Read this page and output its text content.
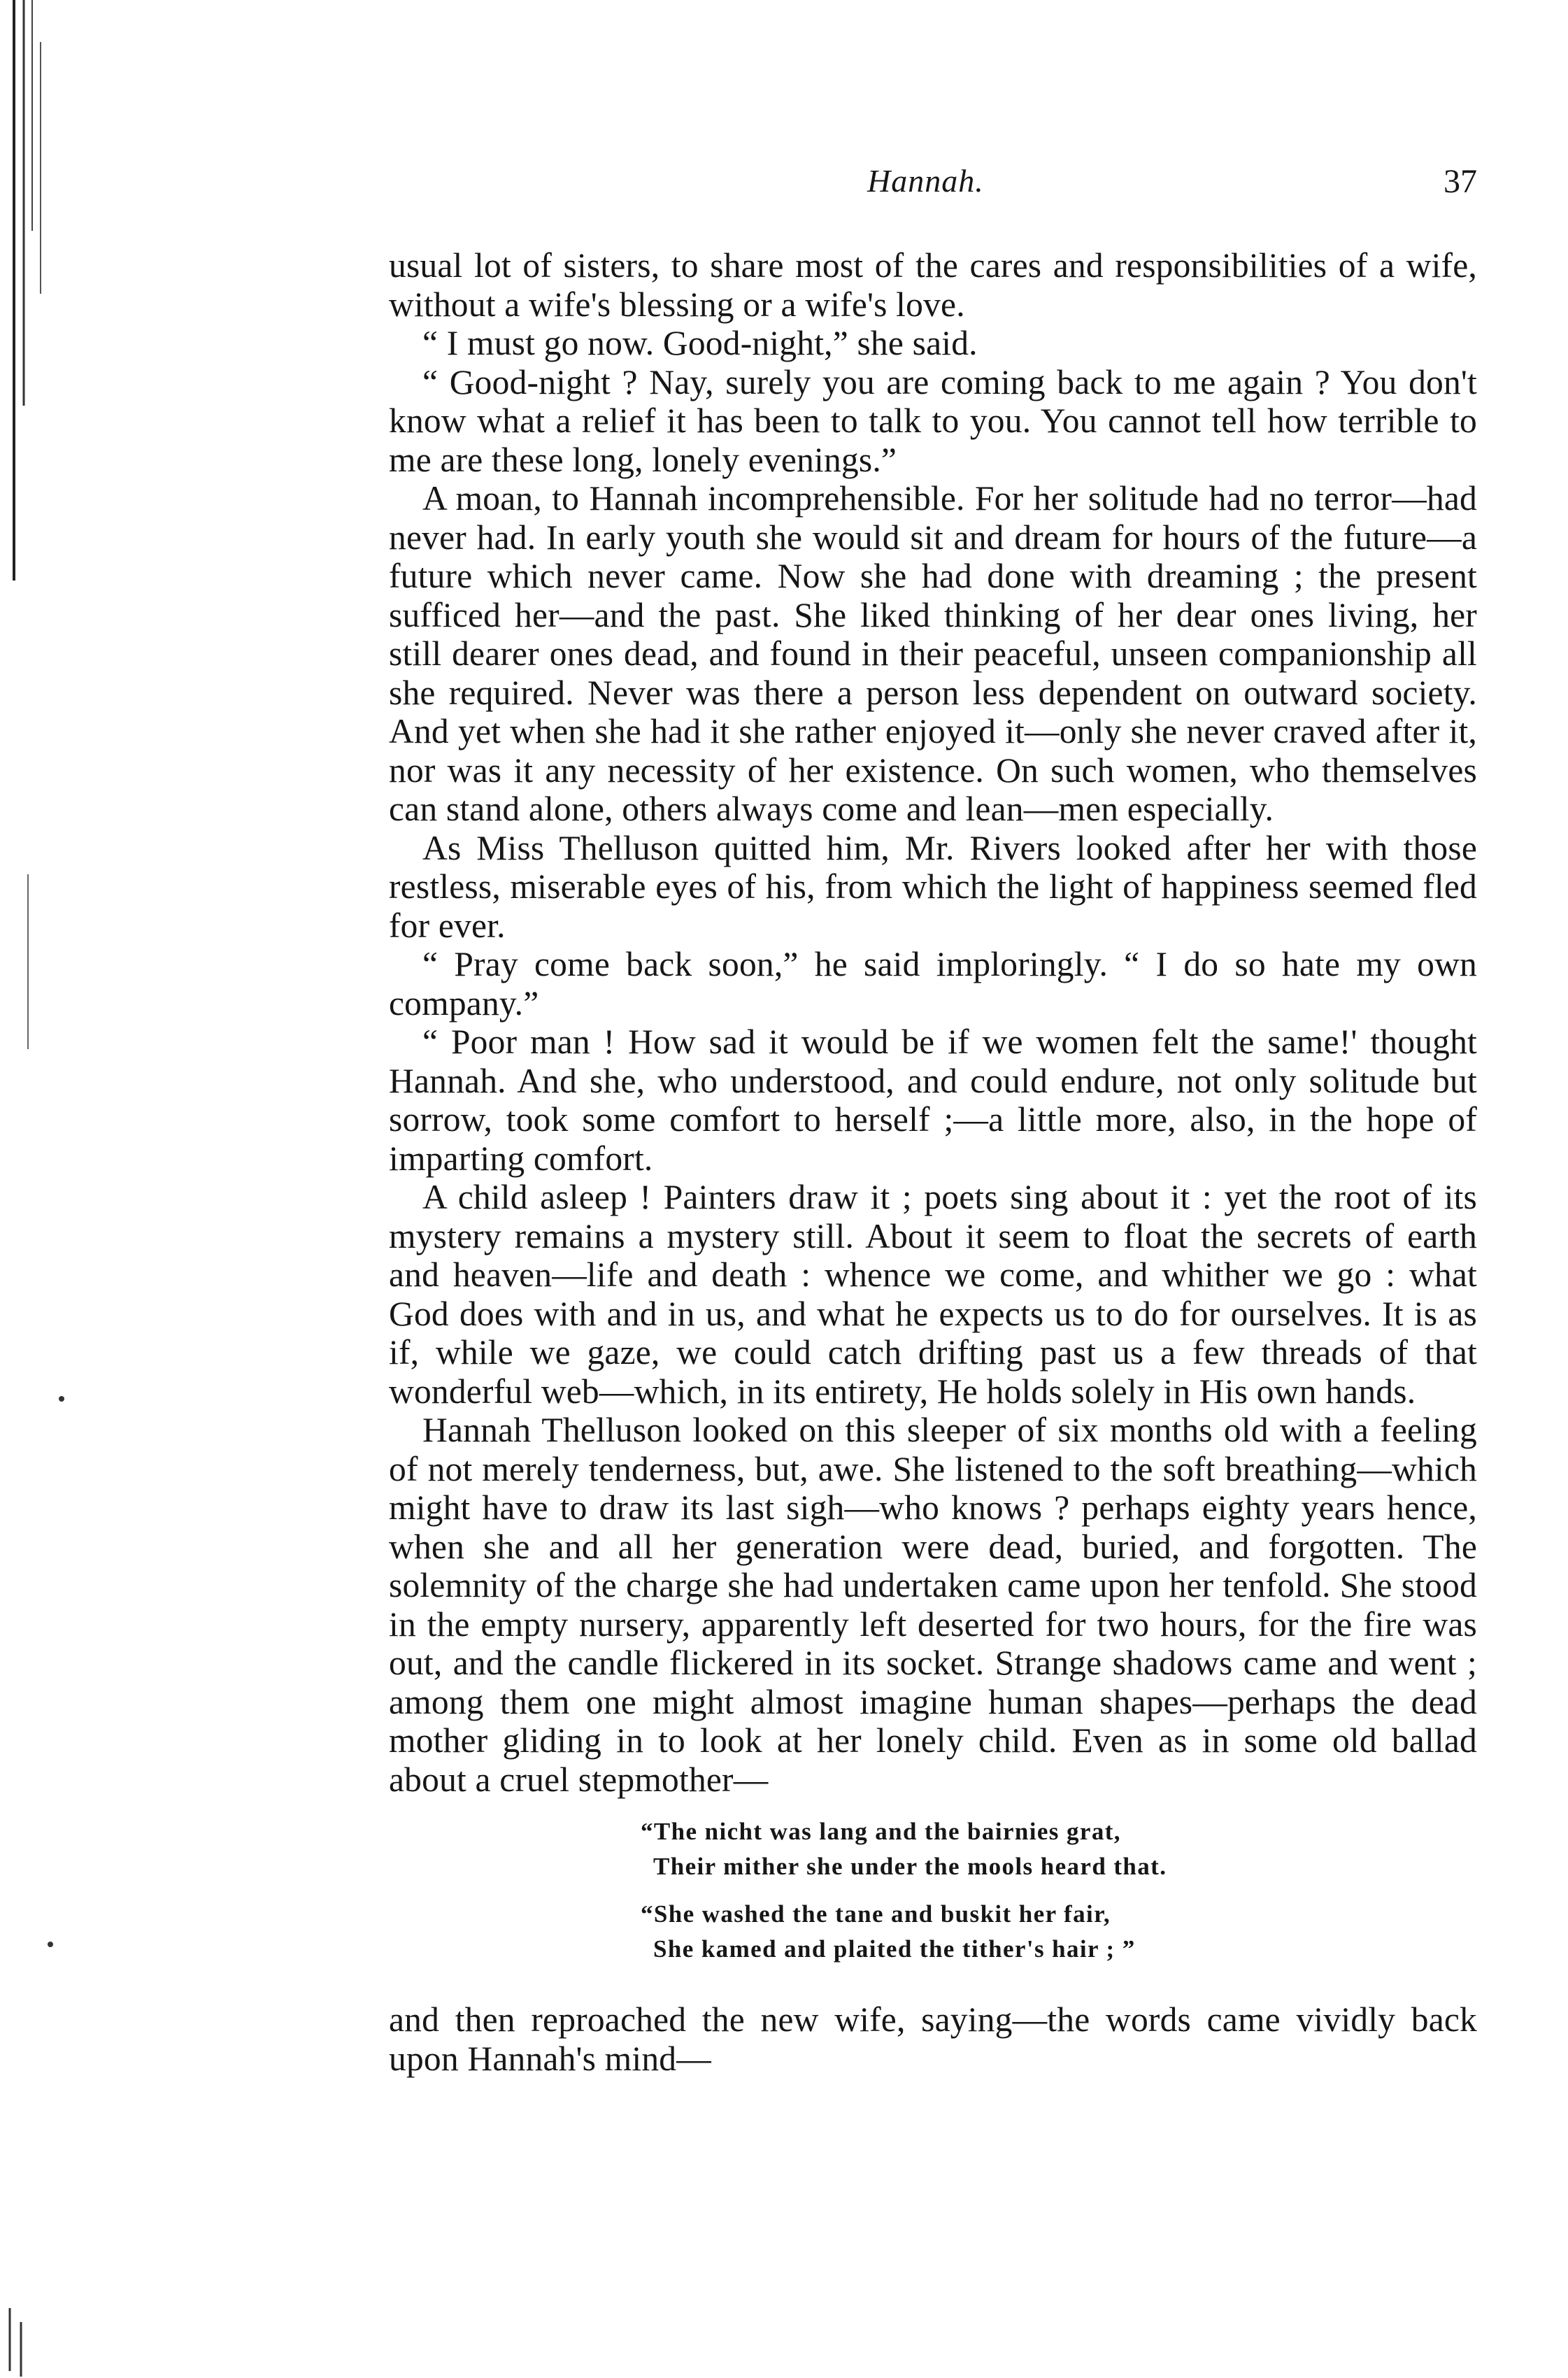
Hannah.	37

usual lot of sisters, to share most of the cares and responsibilities of a wife, without a wife's blessing or a wife's love.

“ I must go now. Good-night,” she said.

“ Good-night ? Nay, surely you are coming back to me again ? You don't know what a relief it has been to talk to you. You cannot tell how terrible to me are these long, lonely evenings.”

A moan, to Hannah incomprehensible. For her solitude had no terror—had never had. In early youth she would sit and dream for hours of the future—a future which never came. Now she had done with dreaming ; the present sufficed her—and the past. She liked thinking of her dear ones living, her still dearer ones dead, and found in their peaceful, unseen companionship all she required. Never was there a person less dependent on outward society. And yet when she had it she rather enjoyed it—only she never craved after it, nor was it any necessity of her existence. On such women, who themselves can stand alone, others always come and lean—men especially.

As Miss Thelluson quitted him, Mr. Rivers looked after her with those restless, miserable eyes of his, from which the light of happiness seemed fled for ever.

“ Pray come back soon,” he said imploringly. “ I do so hate my own company.”

“ Poor man ! How sad it would be if we women felt the same!' thought Hannah. And she, who understood, and could endure, not only solitude but sorrow, took some comfort to herself ;—a little more, also, in the hope of imparting comfort.

A child asleep ! Painters draw it ; poets sing about it : yet the root of its mystery remains a mystery still. About it seem to float the secrets of earth and heaven—life and death : whence we come, and whither we go : what God does with and in us, and what he expects us to do for ourselves. It is as if, while we gaze, we could catch drifting past us a few threads of that wonderful web—which, in its entirety, He holds solely in His own hands.

Hannah Thelluson looked on this sleeper of six months old with a feeling of not merely tenderness, but, awe. She listened to the soft breathing—which might have to draw its last sigh—who knows ? perhaps eighty years hence, when she and all her generation were dead, buried, and forgotten. The solemnity of the charge she had undertaken came upon her tenfold. She stood in the empty nursery, apparently left deserted for two hours, for the fire was out, and the candle flickered in its socket. Strange shadows came and went ; among them one might almost imagine human shapes—perhaps the dead mother gliding in to look at her lonely child. Even as in some old ballad about a cruel stepmother—

“The nicht was lang and the bairnies grat,
Their mither she under the mools heard that.
“She washed the tane and buskit her fair,
She kamed and plaited the tither's hair ; ”

and then reproached the new wife, saying—the words came vividly back upon Hannah's mind—
